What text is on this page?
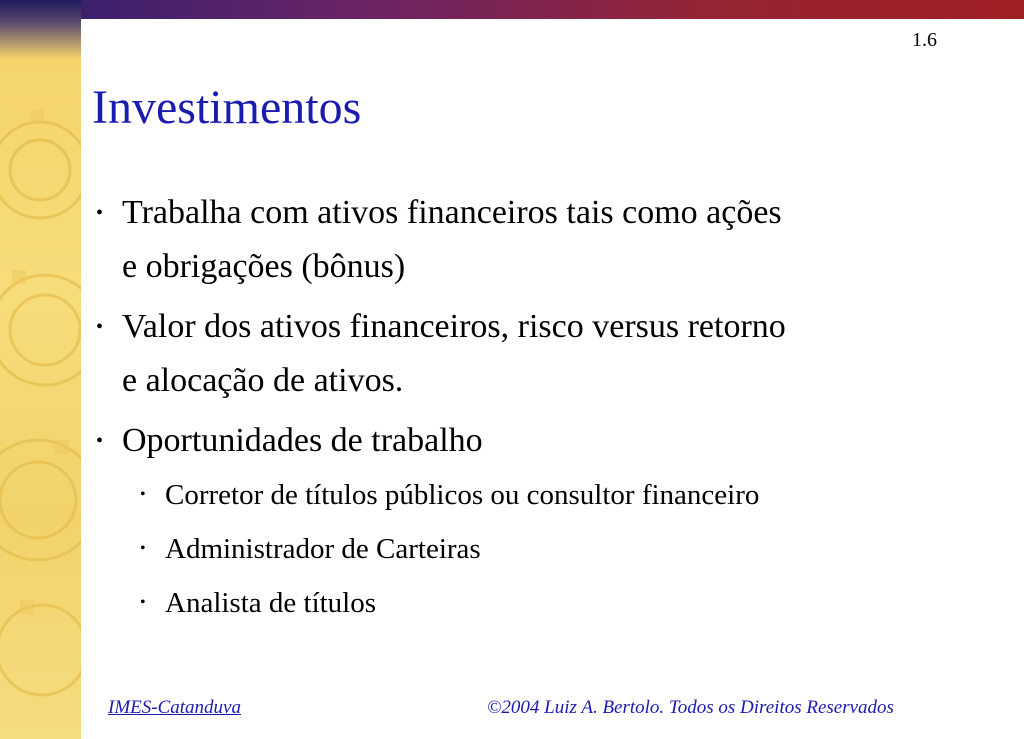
1.6
Investimentos
• Trabalha com ativos financeiros tais como ações
e obrigações (bônus)
• Valor dos ativos financeiros, risco versus retorno
e alocação de ativos.
• Oportunidades de trabalho
• Corretor de títulos públicos ou consultor financeiro
• Administrador de Carteiras
• Analista de títulos
IMES-Catanduva	©2004 Luiz A. Bertolo. Todos os Direitos Reservados
